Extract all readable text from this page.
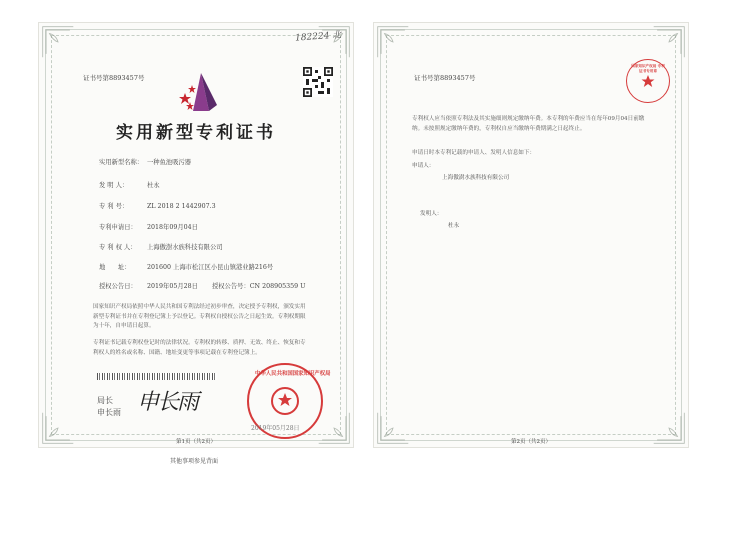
证书号第8893457号
实用新型专利证书
实用新型名称： 一种鱼池吸污器
发 明 人：	杜永
专 利 号：	ZL 2018 2 1442907.3
专利申请日： 2018年09月04日
专 利 权 人： 上海傲澍水族科技有限公司
地　　址：	201600 上海市松江区小昆山镇港业路216号
授权公告日： 2019年05月28日 授权公告号：CN 208905359 U
国家知识产权局依照中华人民共和国专利法经过初步审查，决定授予专利权，颁发实用新型专利证书并在专利登记簿上予以登记。专利权自授权公告之日起生效。专利权期限为十年，自申请日起算。
专利证书记载专利权登记时的法律状况。专利权的转移、质押、无效、终止、恢复和专利权人的姓名或名称、国籍、地址变更等事项记载在专利登记簿上。
局长
申长雨 申长雨
中华人民共和国国家知识产权局
2019年05月28日
第1页（共2页）
其他事项参见背面
182224 北
证书号第8893457号
国家知识产权局 专利证书专用章
专利权人应当依照专利法及其实施细则规定缴纳年费。本专利的年费应当在每年09月04日前缴纳。未按照规定缴纳年费的，专利权自应当缴纳年费期满之日起终止。
申请日时本专利记载的申请人、发明人信息如下：
申请人：
上海傲澍水族科技有限公司
发明人：
杜永
第2页（共2页）
